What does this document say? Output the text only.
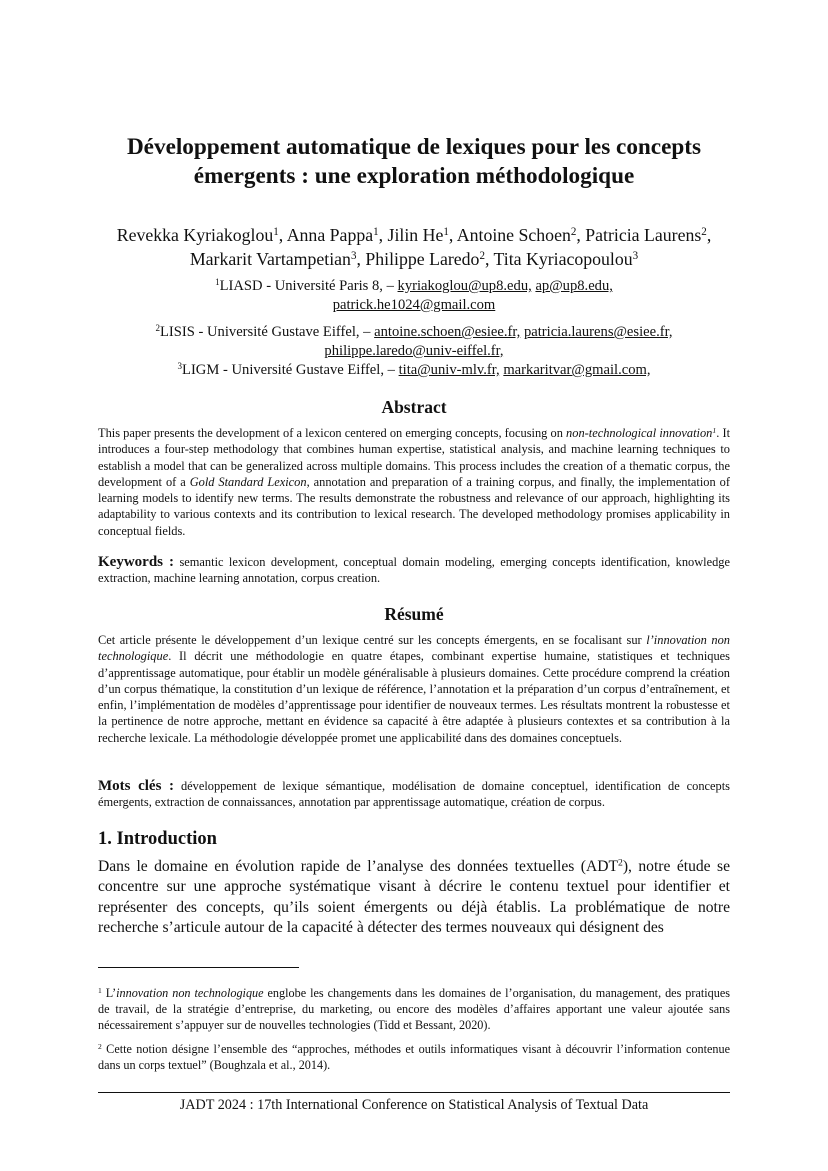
Développement automatique de lexiques pour les concepts émergents : une exploration méthodologique
Revekka Kyriakoglou$^1$, Anna Pappa$^1$, Jilin He$^1$, Antoine Schoen$^2$, Patricia Laurens$^2$, Markarit Vartampetian$^3$, Philippe Laredo$^2$, Tita Kyriacopoulou$^3$
$^1$LIASD - Université Paris 8, – kyriakoglou@up8.edu, ap@up8.edu,
patrick.he1024@gmail.com
$^2$LISIS - Université Gustave Eiffel, – antoine.schoen@esiee.fr, patricia.laurens@esiee.fr,
philippe.laredo@univ-eiffel.fr,
$^3$LIGM - Université Gustave Eiffel, – tita@univ-mlv.fr, markaritvar@gmail.com,
Abstract

This paper presents the development of a lexicon centered on emerging concepts, focusing on non-technological innovation$^1$. It introduces a four-step methodology that combines human expertise, statistical analysis, and machine learning techniques to establish a model that can be generalized across multiple domains. This process includes the creation of a thematic corpus, the development of a Gold Standard Lexicon, annotation and preparation of a training corpus, and finally, the implementation of learning models to identify new terms. The results demonstrate the robustness and relevance of our approach, highlighting its adaptability to various contexts and its contribution to lexical research. The developed methodology promises applicability in conceptual fields.

Keywords : semantic lexicon development, conceptual domain modeling, emerging concepts identification, knowledge extraction, machine learning annotation, corpus creation.

Résumé

Cet article présente le développement d’un lexique centré sur les concepts émergents, en se focalisant sur l’innovation non technologique. Il décrit une méthodologie en quatre étapes, combinant expertise humaine, statistiques et techniques d’apprentissage automatique, pour établir un modèle généralisable à plusieurs domaines. Cette procédure comprend la création d’un corpus thématique, la constitution d’un lexique de référence, l’annotation et la préparation d’un corpus d’entraînement, et enfin, l’implémentation de modèles d’apprentissage pour identifier de nouveaux termes. Les résultats montrent la robustesse et la pertinence de notre approche, mettant en évidence sa capacité à être adaptée à plusieurs contextes et sa contribution à la recherche lexicale. La méthodologie développée promet une applicabilité dans des domaines conceptuels.

Mots clés : développement de lexique sémantique, modélisation de domaine conceptuel, identification de concepts émergents, extraction de connaissances, annotation par apprentissage automatique, création de corpus.

1. Introduction

Dans le domaine en évolution rapide de l’analyse des données textuelles (ADT$^2$), notre étude se concentre sur une approche systématique visant à décrire le contenu textuel pour identifier et représenter des concepts, qu’ils soient émergents ou déjà établis. La problématique de notre recherche s’articule autour de la capacité à détecter des termes nouveaux qui désignent des

$^1$ L’innovation non technologique englobe les changements dans les domaines de l’organisation, du management, des pratiques de travail, de la stratégie d’entreprise, du marketing, ou encore des modèles d’affaires apportant une valeur ajoutée sans nécessairement s’appuyer sur de nouvelles technologies (Tidd et Bessant, 2020).

$^2$ Cette notion désigne l’ensemble des “approches, méthodes et outils informatiques visant à découvrir l’information contenue dans un corps textuel” (Boughzala et al., 2014).

JADT 2024 : 17th International Conference on Statistical Analysis of Textual Data
